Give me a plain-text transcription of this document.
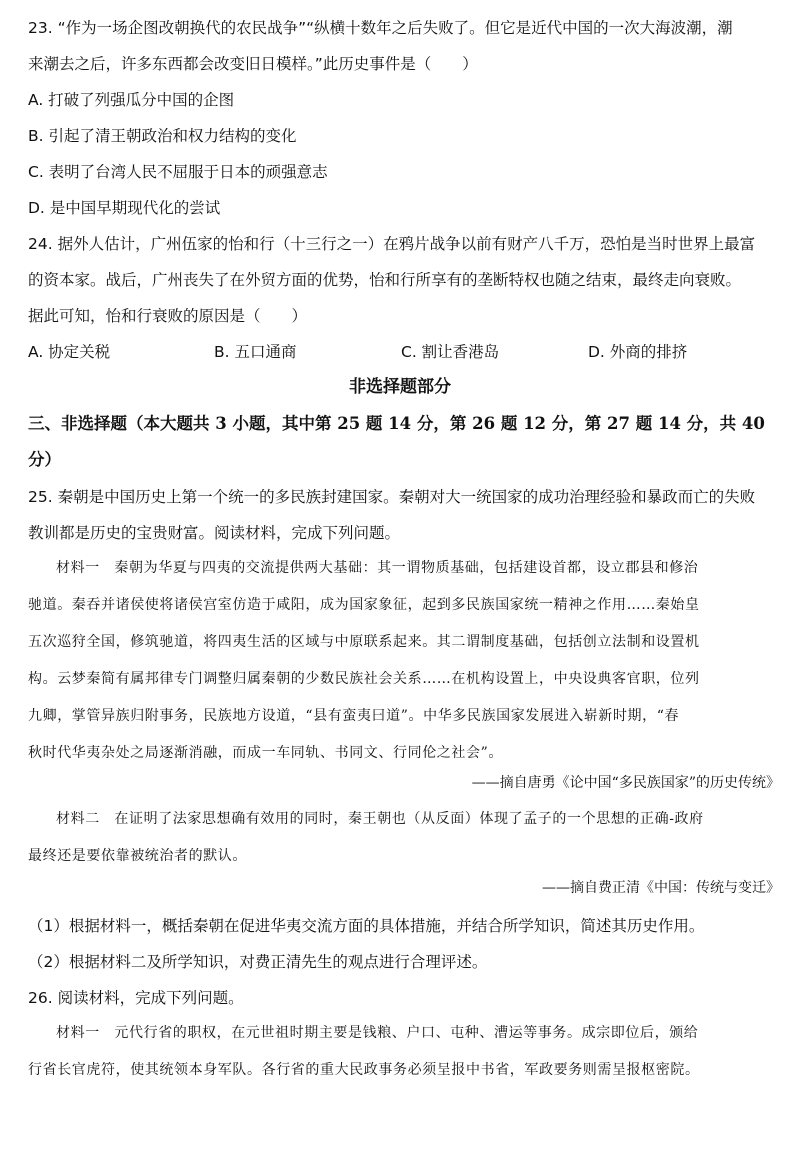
23. “作为一场企图改朝换代的农民战争”“纵横十数年之后失败了。但它是近代中国的一次大海波潮，潮
来潮去之后，许多东西都会改变旧日模样。”此历史事件是（　　）
A. 打破了列强瓜分中国的企图
B. 引起了清王朝政治和权力结构的变化
C. 表明了台湾人民不屈服于日本的顽强意志
D. 是中国早期现代化的尝试
24. 据外人估计，广州伍家的怡和行（十三行之一）在鸦片战争以前有财产八千万，恐怕是当时世界上最富
的资本家。战后，广州丧失了在外贸方面的优势，怡和行所享有的垄断特权也随之结束，最终走向衰败。
据此可知，怡和行衰败的原因是（　　）
A. 协定关税	B. 五口通商	C. 割让香港岛	D. 外商的排挤
非选择题部分
三、非选择题（本大题共 3 小题，其中第 25 题 14 分，第 26 题 12 分，第 27 题 14 分，共 40
分）
25. 秦朝是中国历史上第一个统一的多民族封建国家。秦朝对大一统国家的成功治理经验和暴政而亡的失败
教训都是历史的宝贵财富。阅读材料，完成下列问题。
材料一　秦朝为华夏与四夷的交流提供两大基础：其一谓物质基础，包括建设首都，设立郡县和修治
驰道。秦吞并诸侯使将诸侯宫室仿造于咸阳，成为国家象征，起到多民族国家统一精神之作用……秦始皇
五次巡狩全国，修筑驰道，将四夷生活的区域与中原联系起来。其二谓制度基础，包括创立法制和设置机
构。云梦秦简有属邦律专门调整归属秦朝的少数民族社会关系……在机构设置上，中央设典客官职，位列
九卿，掌管异族归附事务，民族地方设道，“县有蛮夷曰道”。中华多民族国家发展进入崭新时期，“春
秋时代华夷杂处之局逐渐消融，而成一车同轨、书同文、行同伦之社会”。
——摘自唐勇《论中国“多民族国家”的历史传统》
材料二　在证明了法家思想确有效用的同时，秦王朝也（从反面）体现了孟子的一个思想的正确-政府
最终还是要依靠被统治者的默认。
——摘自费正清《中国：传统与变迁》
（1）根据材料一，概括秦朝在促进华夷交流方面的具体措施，并结合所学知识，简述其历史作用。
（2）根据材料二及所学知识，对费正清先生的观点进行合理评述。
26. 阅读材料，完成下列问题。
材料一　元代行省的职权，在元世祖时期主要是钱粮、户口、屯种、漕运等事务。成宗即位后，颁给
行省长官虎符，使其统领本身军队。各行省的重大民政事务必须呈报中书省，军政要务则需呈报枢密院。
